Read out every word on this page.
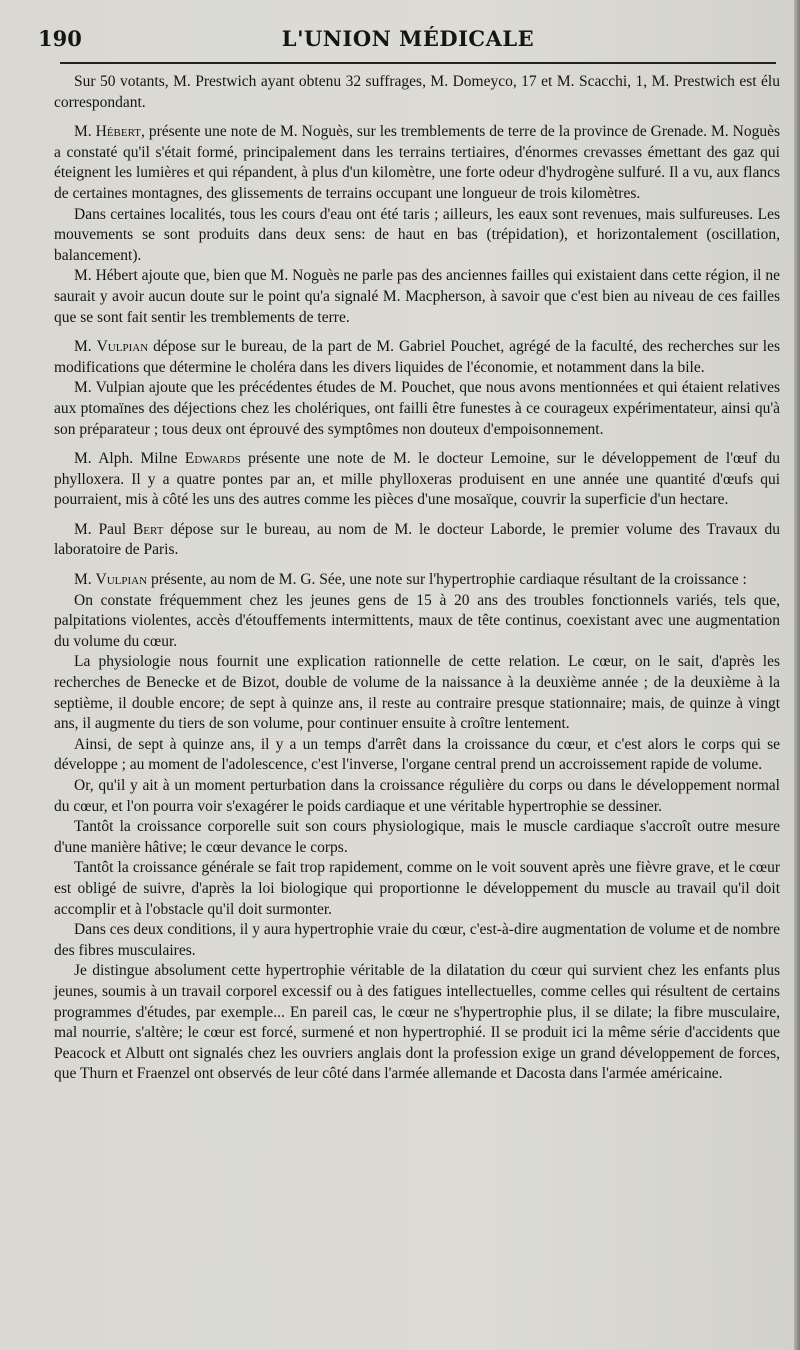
190	L'UNION MÉDICALE

Sur 50 votants, M. Prestwich ayant obtenu 32 suffrages, M. Domeyco, 17 et M. Scacchi, 1, M. Prestwich est élu correspondant.

M. Hébert, présente une note de M. Noguès, sur les tremblements de terre de la province de Grenade. M. Noguès a constaté qu'il s'était formé, principalement dans les terrains tertiaires, d'énormes crevasses émettant des gaz qui éteignent les lumières et qui répandent, à plus d'un kilomètre, une forte odeur d'hydrogène sulfuré. Il a vu, aux flancs de certaines montagnes, des glissements de terrains occupant une longueur de trois kilomètres.

Dans certaines localités, tous les cours d'eau ont été taris ; ailleurs, les eaux sont revenues, mais sulfureuses. Les mouvements se sont produits dans deux sens: de haut en bas (trépidation), et horizontalement (oscillation, balancement).

M. Hébert ajoute que, bien que M. Noguès ne parle pas des anciennes failles qui existaient dans cette région, il ne saurait y avoir aucun doute sur le point qu'a signalé M. Macpherson, à savoir que c'est bien au niveau de ces failles que se sont fait sentir les tremblements de terre.

M. Vulpian dépose sur le bureau, de la part de M. Gabriel Pouchet, agrégé de la faculté, des recherches sur les modifications que détermine le choléra dans les divers liquides de l'économie, et notamment dans la bile.

M. Vulpian ajoute que les précédentes études de M. Pouchet, que nous avons mentionnées et qui étaient relatives aux ptomaïnes des déjections chez les cholériques, ont failli être funestes à ce courageux expérimentateur, ainsi qu'à son préparateur ; tous deux ont éprouvé des symptômes non douteux d'empoisonnement.

M. Alph. Milne Edwards présente une note de M. le docteur Lemoine, sur le développement de l'œuf du phylloxera. Il y a quatre pontes par an, et mille phylloxeras produisent en une année une quantité d'œufs qui pourraient, mis à côté les uns des autres comme les pièces d'une mosaïque, couvrir la superficie d'un hectare.

M. Paul Bert dépose sur le bureau, au nom de M. le docteur Laborde, le premier volume des Travaux du laboratoire de Paris.

M. Vulpian présente, au nom de M. G. Sée, une note sur l'hypertrophie cardiaque résultant de la croissance :

On constate fréquemment chez les jeunes gens de 15 à 20 ans des troubles fonctionnels variés, tels que, palpitations violentes, accès d'étouffements intermittents, maux de tête continus, coexistant avec une augmentation du volume du cœur.

La physiologie nous fournit une explication rationnelle de cette relation. Le cœur, on le sait, d'après les recherches de Benecke et de Bizot, double de volume de la naissance à la deuxième année ; de la deuxième à la septième, il double encore; de sept à quinze ans, il reste au contraire presque stationnaire; mais, de quinze à vingt ans, il augmente du tiers de son volume, pour continuer ensuite à croître lentement.

Ainsi, de sept à quinze ans, il y a un temps d'arrêt dans la croissance du cœur, et c'est alors le corps qui se développe ; au moment de l'adolescence, c'est l'inverse, l'organe central prend un accroissement rapide de volume.

Or, qu'il y ait à un moment perturbation dans la croissance régulière du corps ou dans le développement normal du cœur, et l'on pourra voir s'exagérer le poids cardiaque et une véritable hypertrophie se dessiner.

Tantôt la croissance corporelle suit son cours physiologique, mais le muscle cardiaque s'accroît outre mesure d'une manière hâtive; le cœur devance le corps.

Tantôt la croissance générale se fait trop rapidement, comme on le voit souvent après une fièvre grave, et le cœur est obligé de suivre, d'après la loi biologique qui proportionne le développement du muscle au travail qu'il doit accomplir et à l'obstacle qu'il doit surmonter.

Dans ces deux conditions, il y aura hypertrophie vraie du cœur, c'est-à-dire augmentation de volume et de nombre des fibres musculaires.

Je distingue absolument cette hypertrophie véritable de la dilatation du cœur qui survient chez les enfants plus jeunes, soumis à un travail corporel excessif ou à des fatigues intellectuelles, comme celles qui résultent de certains programmes d'études, par exemple... En pareil cas, le cœur ne s'hypertrophie plus, il se dilate; la fibre musculaire, mal nourrie, s'altère; le cœur est forcé, surmené et non hypertrophié. Il se produit ici la même série d'accidents que Peacock et Albutt ont signalés chez les ouvriers anglais dont la profession exige un grand développement de forces, que Thurn et Fraenzel ont observés de leur côté dans l'armée allemande et Dacosta dans l'armée américaine.
